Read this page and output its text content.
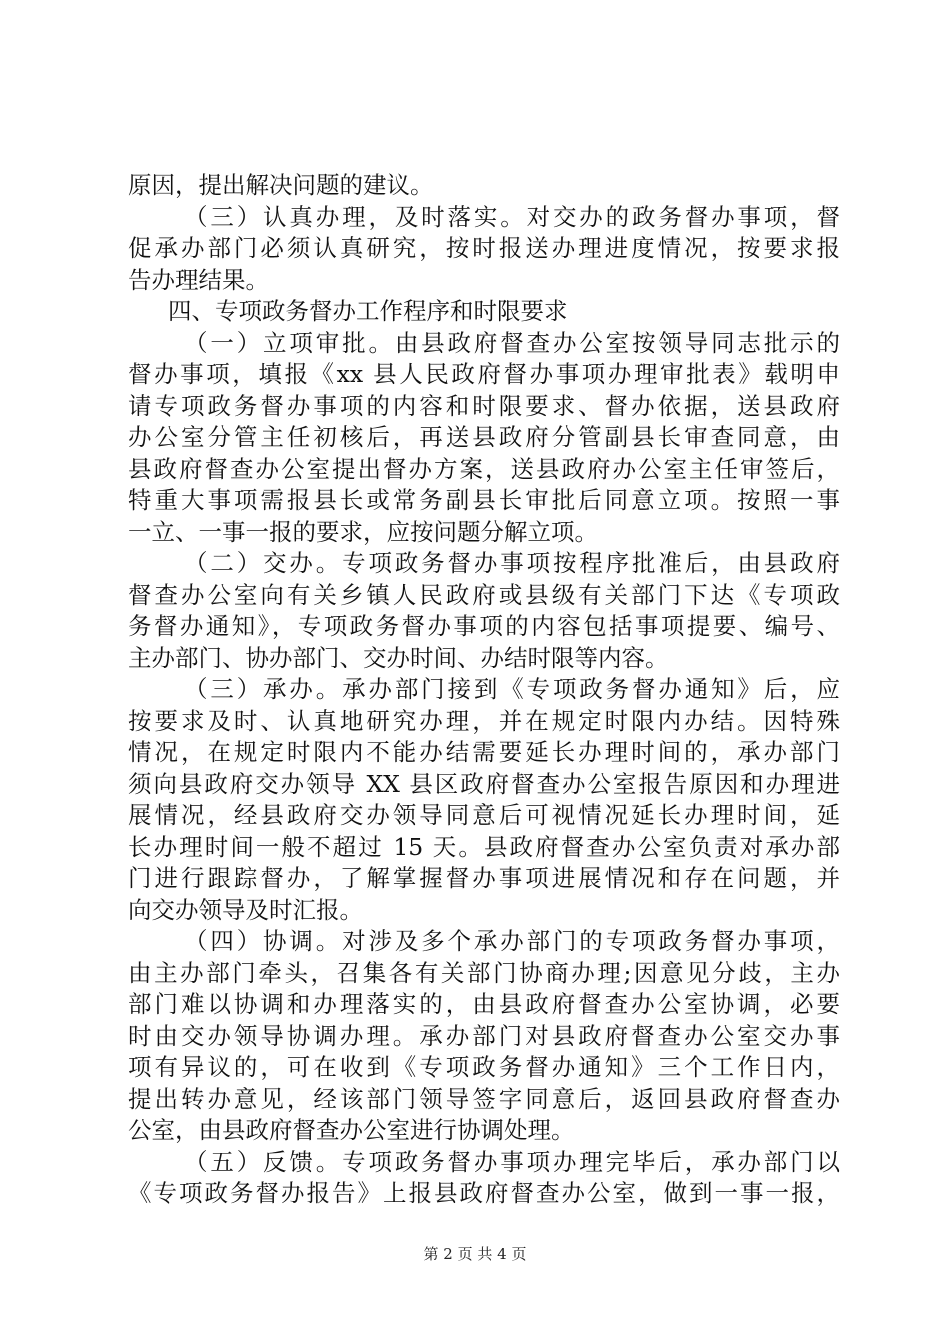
原因，提出解决问题的建议。
（三）认真办理，及时落实。对交办的政务督办事项，督
促承办部门必须认真研究，按时报送办理进度情况，按要求报
告办理结果。
四、专项政务督办工作程序和时限要求
（一）立项审批。由县政府督查办公室按领导同志批示的
督办事项，填报《xx 县人民政府督办事项办理审批表》载明申
请专项政务督办事项的内容和时限要求、督办依据，送县政府
办公室分管主任初核后，再送县政府分管副县长审查同意，由
县政府督查办公室提出督办方案，送县政府办公室主任审签后，
特重大事项需报县长或常务副县长审批后同意立项。按照一事
一立、一事一报的要求，应按问题分解立项。
（二）交办。专项政务督办事项按程序批准后，由县政府
督查办公室向有关乡镇人民政府或县级有关部门下达《专项政
务督办通知》，专项政务督办事项的内容包括事项提要、编号、
主办部门、协办部门、交办时间、办结时限等内容。
（三）承办。承办部门接到《专项政务督办通知》后，应
按要求及时、认真地研究办理，并在规定时限内办结。因特殊
情况，在规定时限内不能办结需要延长办理时间的，承办部门
须向县政府交办领导 XX 县区政府督查办公室报告原因和办理进
展情况，经县政府交办领导同意后可视情况延长办理时间，延
长办理时间一般不超过 15 天。县政府督查办公室负责对承办部
门进行跟踪督办，了解掌握督办事项进展情况和存在问题，并
向交办领导及时汇报。
（四）协调。对涉及多个承办部门的专项政务督办事项，
由主办部门牵头，召集各有关部门协商办理;因意见分歧，主办
部门难以协调和办理落实的，由县政府督查办公室协调，必要
时由交办领导协调办理。承办部门对县政府督查办公室交办事
项有异议的，可在收到《专项政务督办通知》三个工作日内，
提出转办意见，经该部门领导签字同意后，返回县政府督查办
公室，由县政府督查办公室进行协调处理。
（五）反馈。专项政务督办事项办理完毕后，承办部门以
《专项政务督办报告》上报县政府督查办公室，做到一事一报，
第 2 页 共 4 页
